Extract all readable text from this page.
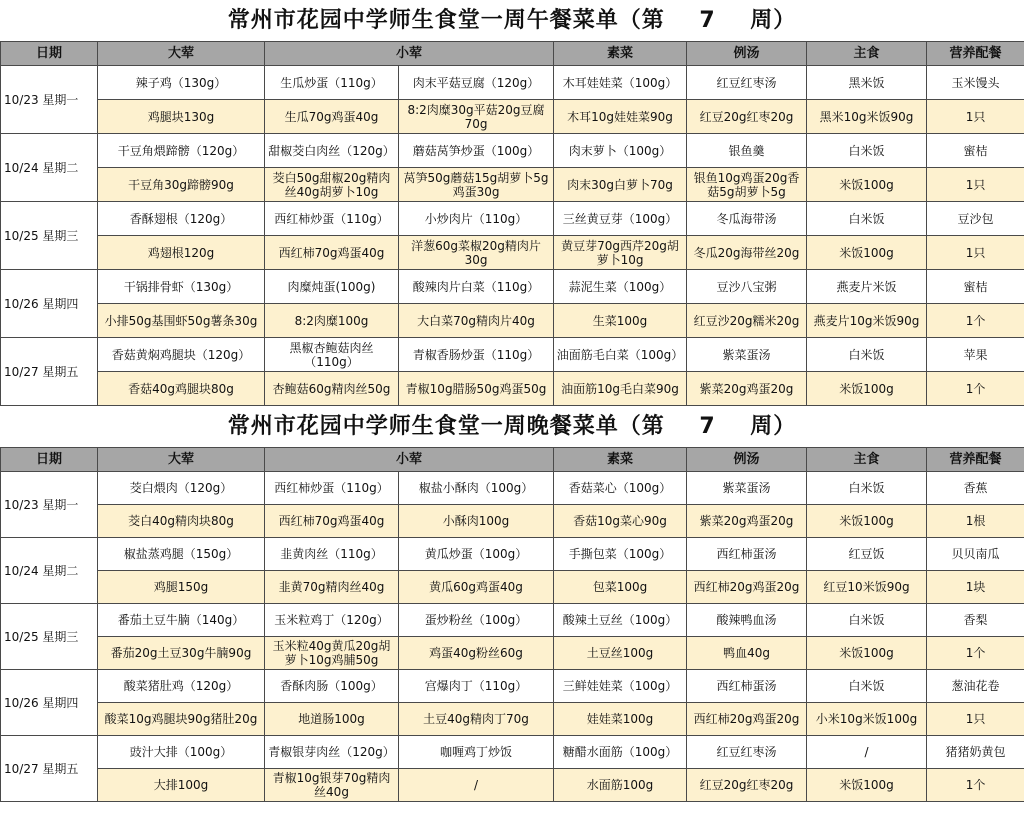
常州市花园中学师生食堂一周午餐菜单（第    7    周）
日期	大荤	小荤		素菜	例汤	主食	营养配餐
10/23 星期一	辣子鸡（130g）	生瓜炒蛋（110g）	肉末平菇豆腐（120g）	木耳娃娃菜（100g）	红豆红枣汤	黑米饭	玉米馒头
	鸡腿块130g	生瓜70g鸡蛋40g	8:2肉糜30g平菇20g豆腐70g	木耳10g娃娃菜90g	红豆20g红枣20g	黑米10g米饭90g	1只
10/24 星期二	干豆角煨蹄髈（120g）	甜椒茭白肉丝（120g）	蘑菇莴笋炒蛋（100g）	肉末萝卜（100g）	银鱼羹	白米饭	蜜桔
	干豆角30g蹄髈90g	茭白50g甜椒20g精肉丝40g胡萝卜10g	莴笋50g蘑菇15g胡萝卜5g鸡蛋30g	肉末30g白萝卜70g	银鱼10g鸡蛋20g香菇5g胡萝卜5g	米饭100g	1只
10/25 星期三	香酥翅根（120g）	西红柿炒蛋（110g）	小炒肉片（110g）	三丝黄豆芽（100g）	冬瓜海带汤	白米饭	豆沙包
	鸡翅根120g	西红柿70g鸡蛋40g	洋葱60g菜椒20g精肉片30g	黄豆芽70g西芹20g胡萝卜10g	冬瓜20g海带丝20g	米饭100g	1只
10/26 星期四	干锅排骨虾（130g）	肉糜炖蛋(100g)	酸辣肉片白菜（110g）	蒜泥生菜（100g）	豆沙八宝粥	燕麦片米饭	蜜桔
	小排50g基围虾50g薯条30g	8:2肉糜100g	大白菜70g精肉片40g	生菜100g	红豆沙20g糯米20g	燕麦片10g米饭90g	1个
10/27 星期五	香菇黄焖鸡腿块（120g）	黑椒杏鲍菇肉丝（110g）	青椒香肠炒蛋（110g）	油面筋毛白菜（100g）	紫菜蛋汤	白米饭	苹果
	香菇40g鸡腿块80g	杏鲍菇60g精肉丝50g	青椒10g腊肠50g鸡蛋50g	油面筋10g毛白菜90g	紫菜20g鸡蛋20g	米饭100g	1个
常州市花园中学师生食堂一周晚餐菜单（第    7    周）
日期	大荤	小荤		素菜	例汤	主食	营养配餐
10/23 星期一	茭白煨肉（120g）	西红柿炒蛋（110g）	椒盐小酥肉（100g）	香菇菜心（100g）	紫菜蛋汤	白米饭	香蕉
	茭白40g精肉块80g	西红柿70g鸡蛋40g	小酥肉100g	香菇10g菜心90g	紫菜20g鸡蛋20g	米饭100g	1根
10/24 星期二	椒盐蒸鸡腿（150g）	韭黄肉丝（110g）	黄瓜炒蛋（100g）	手撕包菜（100g）	西红柿蛋汤	红豆饭	贝贝南瓜
	鸡腿150g	韭黄70g精肉丝40g	黄瓜60g鸡蛋40g	包菜100g	西红柿20g鸡蛋20g	红豆10米饭90g	1块
10/25 星期三	番茄土豆牛腩（140g）	玉米粒鸡丁（120g）	蛋炒粉丝（100g）	酸辣土豆丝（100g）	酸辣鸭血汤	白米饭	香梨
	番茄20g土豆30g牛腩90g	玉米粒40g黄瓜20g胡萝卜10g鸡脯50g	鸡蛋40g粉丝60g	土豆丝100g	鸭血40g	米饭100g	1个
10/26 星期四	酸菜猪肚鸡（120g）	香酥肉肠（100g）	宫爆肉丁（110g）	三鲜娃娃菜（100g）	西红柿蛋汤	白米饭	葱油花卷
	酸菜10g鸡腿块90g猪肚20g	地道肠100g	土豆40g精肉丁70g	娃娃菜100g	西红柿20g鸡蛋20g	小米10g米饭100g	1只
10/27 星期五	豉汁大排（100g）	青椒银芽肉丝（120g）	咖喱鸡丁炒饭	糖醋水面筋（100g）	红豆红枣汤	/	猪猪奶黄包
	大排100g	青椒10g银芽70g精肉丝40g	/	水面筋100g	红豆20g红枣20g	米饭100g	1个
